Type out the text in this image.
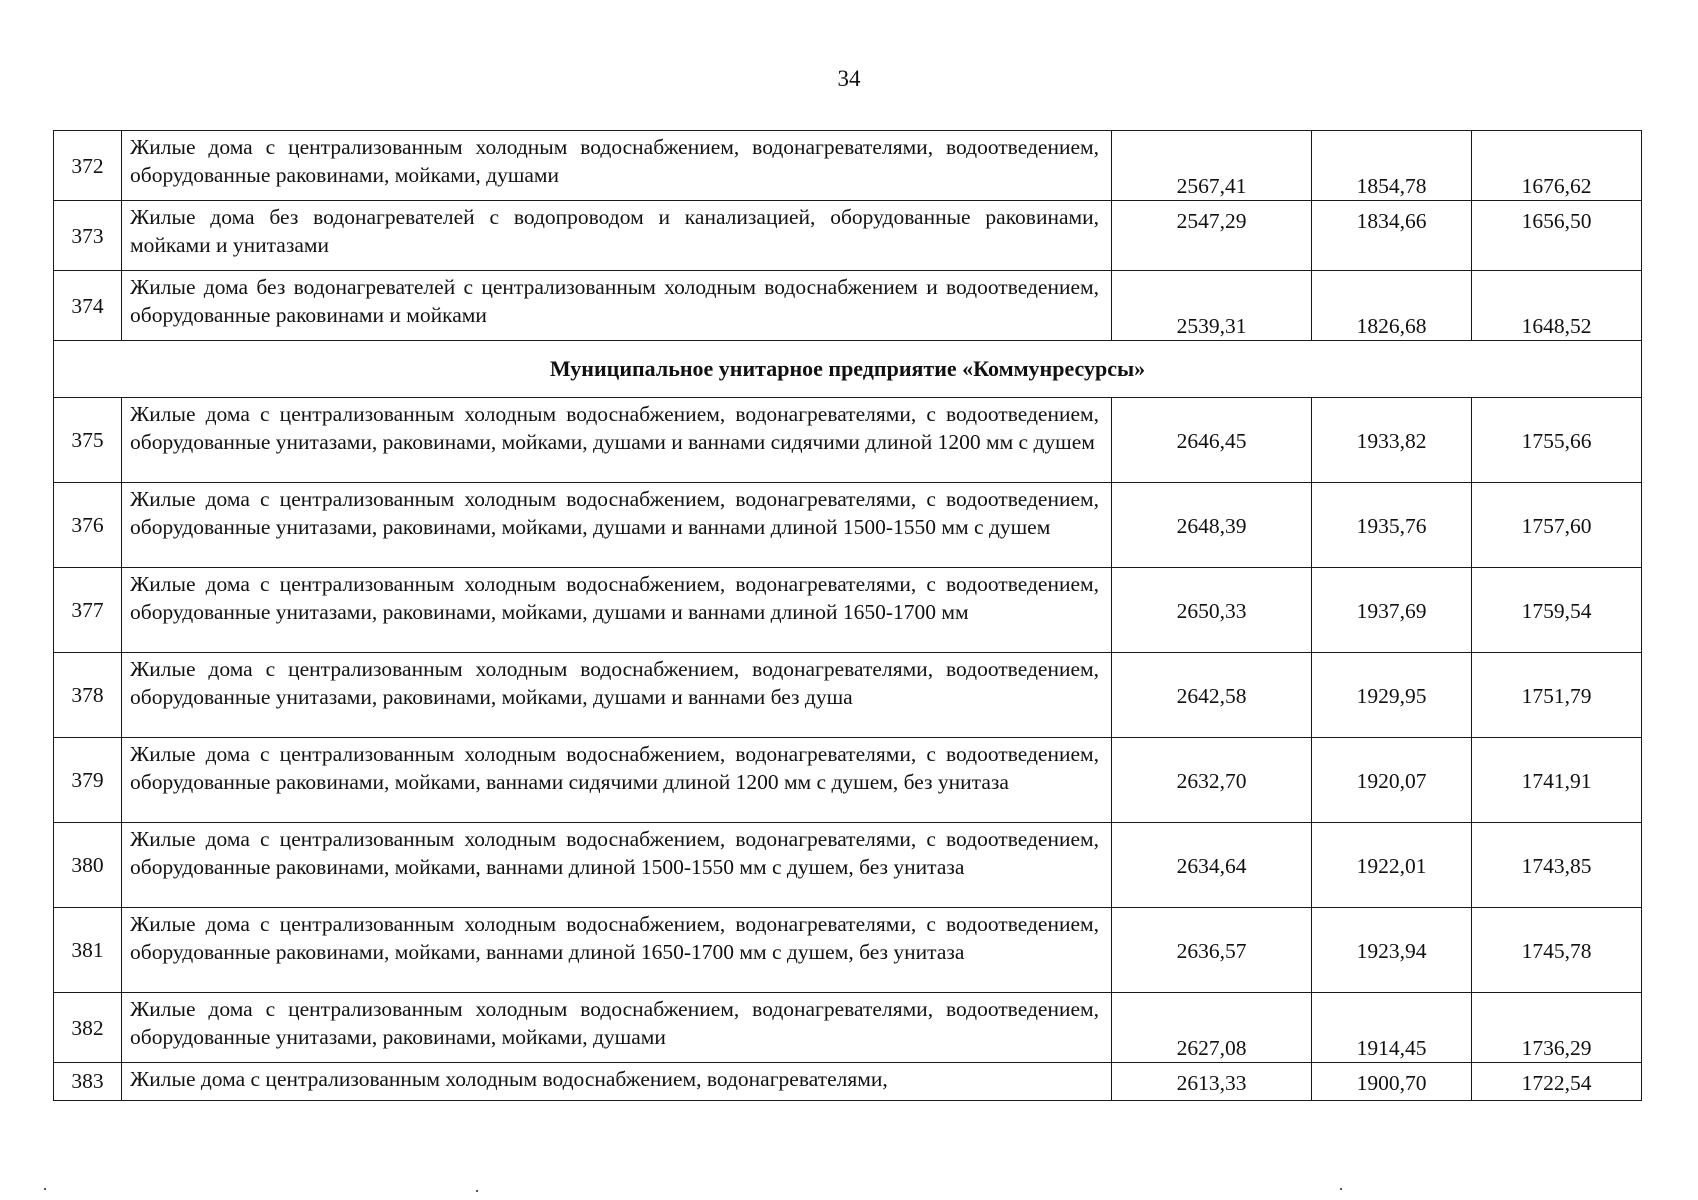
34
372	Жилые дома с централизованным холодным водоснабжением, водонагревателями, водоотведением, оборудованные раковинами, мойками, душами	2567,41	1854,78	1676,62
373	Жилые дома без водонагревателей с водопроводом и канализацией, оборудованные раковинами, мойками и унитазами	2547,29	1834,66	1656,50
374	Жилые дома без водонагревателей с централизованным холодным водоснабжением и водоотведением, оборудованные раковинами и мойками	2539,31	1826,68	1648,52
Муниципальное унитарное предприятие «Коммунресурсы»				
375	Жилые дома с централизованным холодным водоснабжением, водонагревателями, с водоотведением, оборудованные унитазами, раковинами, мойками, душами и ваннами сидячими длиной 1200 мм с душем	2646,45	1933,82	1755,66
376	Жилые дома с централизованным холодным водоснабжением, водонагревателями, с водоотведением, оборудованные унитазами, раковинами, мойками, душами и ваннами длиной 1500-1550 мм с душем	2648,39	1935,76	1757,60
377	Жилые дома с централизованным холодным водоснабжением, водонагревателями, с водоотведением, оборудованные унитазами, раковинами, мойками, душами и ваннами длиной 1650-1700 мм	2650,33	1937,69	1759,54
378	Жилые дома с централизованным холодным водоснабжением, водонагревателями, водоотведением, оборудованные унитазами, раковинами, мойками, душами и ваннами без душа	2642,58	1929,95	1751,79
379	Жилые дома с централизованным холодным водоснабжением, водонагревателями, с водоотведением, оборудованные раковинами, мойками, ваннами сидячими длиной 1200 мм с душем, без унитаза	2632,70	1920,07	1741,91
380	Жилые дома с централизованным холодным водоснабжением, водонагревателями, с водоотведением, оборудованные раковинами, мойками, ваннами длиной 1500-1550 мм с душем, без унитаза	2634,64	1922,01	1743,85
381	Жилые дома с централизованным холодным водоснабжением, водонагревателями, с водоотведением, оборудованные раковинами, мойками, ваннами длиной 1650-1700 мм с душем, без унитаза	2636,57	1923,94	1745,78
382	Жилые дома с централизованным холодным водоснабжением, водонагревателями, водоотведением, оборудованные унитазами, раковинами, мойками, душами	2627,08	1914,45	1736,29
383	Жилые дома с централизованным холодным водоснабжением, водонагревателями,	2613,33	1900,70	1722,54
